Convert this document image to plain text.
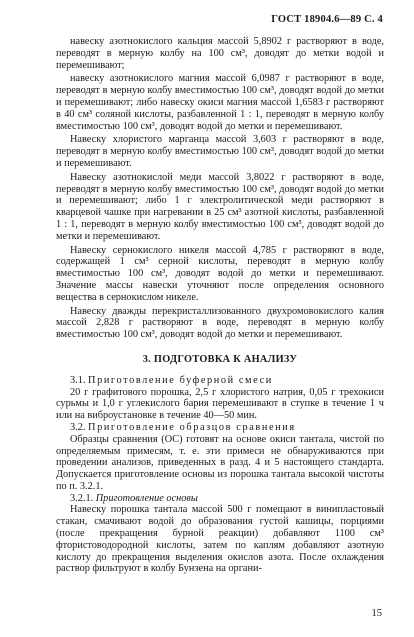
ГОСТ 18904.6—89 С. 4

навеску азотнокислого кальция массой 5,8902 г растворяют в воде, переводят в мерную колбу на 100 см³, доводят до метки водой и перемешивают;

навеску азотнокислого магния массой 6,0987 г растворяют в воде, переводят в мерную колбу вместимостью 100 см³, доводят водой до метки и перемешивают; либо навеску окиси магния массой 1,6583 г растворяют в 40 см³ соляной кислоты, разбавленной 1 : 1, переводят в мерную колбу вместимостью 100 см³, доводят водой до метки и перемешивают.

Навеску хлористого марганца массой 3,603 г растворяют в воде, переводят в мерную колбу вместимостью 100 см³, доводят водой до метки и перемешивают.

Навеску азотнокислой меди массой 3,8022 г растворяют в воде, переводят в мерную колбу вместимостью 100 см³, доводят водой до метки и перемешивают; либо 1 г электролитической меди растворяют в кварцевой чашке при нагревании в 25 см³ азотной кислоты, разбавленной 1 : 1, переводят в мерную колбу вместимостью 100 см³, доводят водой до метки и перемешивают.

Навеску сернокислого никеля массой 4,785 г растворяют в воде, содержащей 1 см³ серной кислоты, переводят в мерную колбу вместимостью 100 см³, доводят водой до метки и перемешивают. Значение массы навески уточняют после определения основного вещества в сернокислом никеле.

Навеску дважды перекристаллизованного двухромовокислого калия массой 2,828 г растворяют в воде, переводят в мерную колбу вместимостью 100 см³, доводят водой до метки и перемешивают.

3. ПОДГОТОВКА К АНАЛИЗУ

3.1. Приготовление буферной смеси

20 г графитового порошка, 2,5 г хлористого натрия, 0,05 г трехокиси сурьмы и 1,0 г углекислого бария перемешивают в ступке в течение 1 ч или на виброустановке в течение 40—50 мин.

3.2. Приготовление образцов сравнения

Образцы сравнения (ОС) готовят на основе окиси тантала, чистой по определяемым примесям, т. е. эти примеси не обнаруживаются при проведении анализов, приведенных в разд. 4 и 5 настоящего стандарта. Допускается приготовление основы из порошка тантала высокой чистоты по п. 3.2.1.

3.2.1. Приготовление основы

Навеску порошка тантала массой 500 г помещают в винипластовый стакан, смачивают водой до образования густой кашицы, порциями (после прекращения бурной реакции) добавляют 1100 см³ фтористоводородной кислоты, затем по каплям добавляют азотную кислоту до прекращения выделения окислов азота. После охлаждения раствор фильтруют в колбу Бунзена на органи-

15
